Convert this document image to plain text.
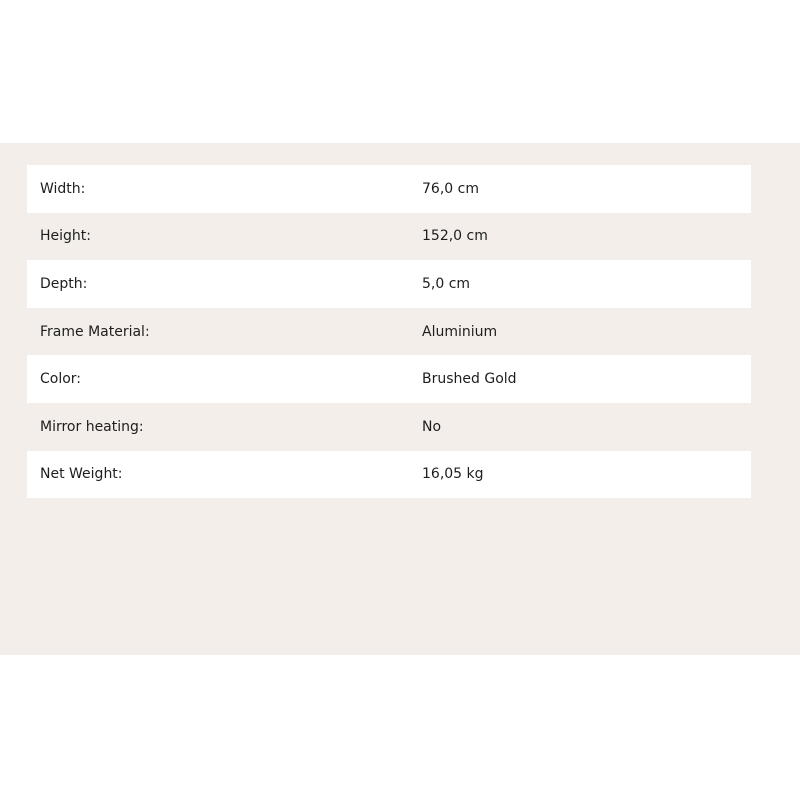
Width:	76,0 cm
Height:	152,0 cm
Depth:	5,0 cm
Frame Material:	Aluminium
Color:	Brushed Gold
Mirror heating:	No
Net Weight:	16,05 kg
